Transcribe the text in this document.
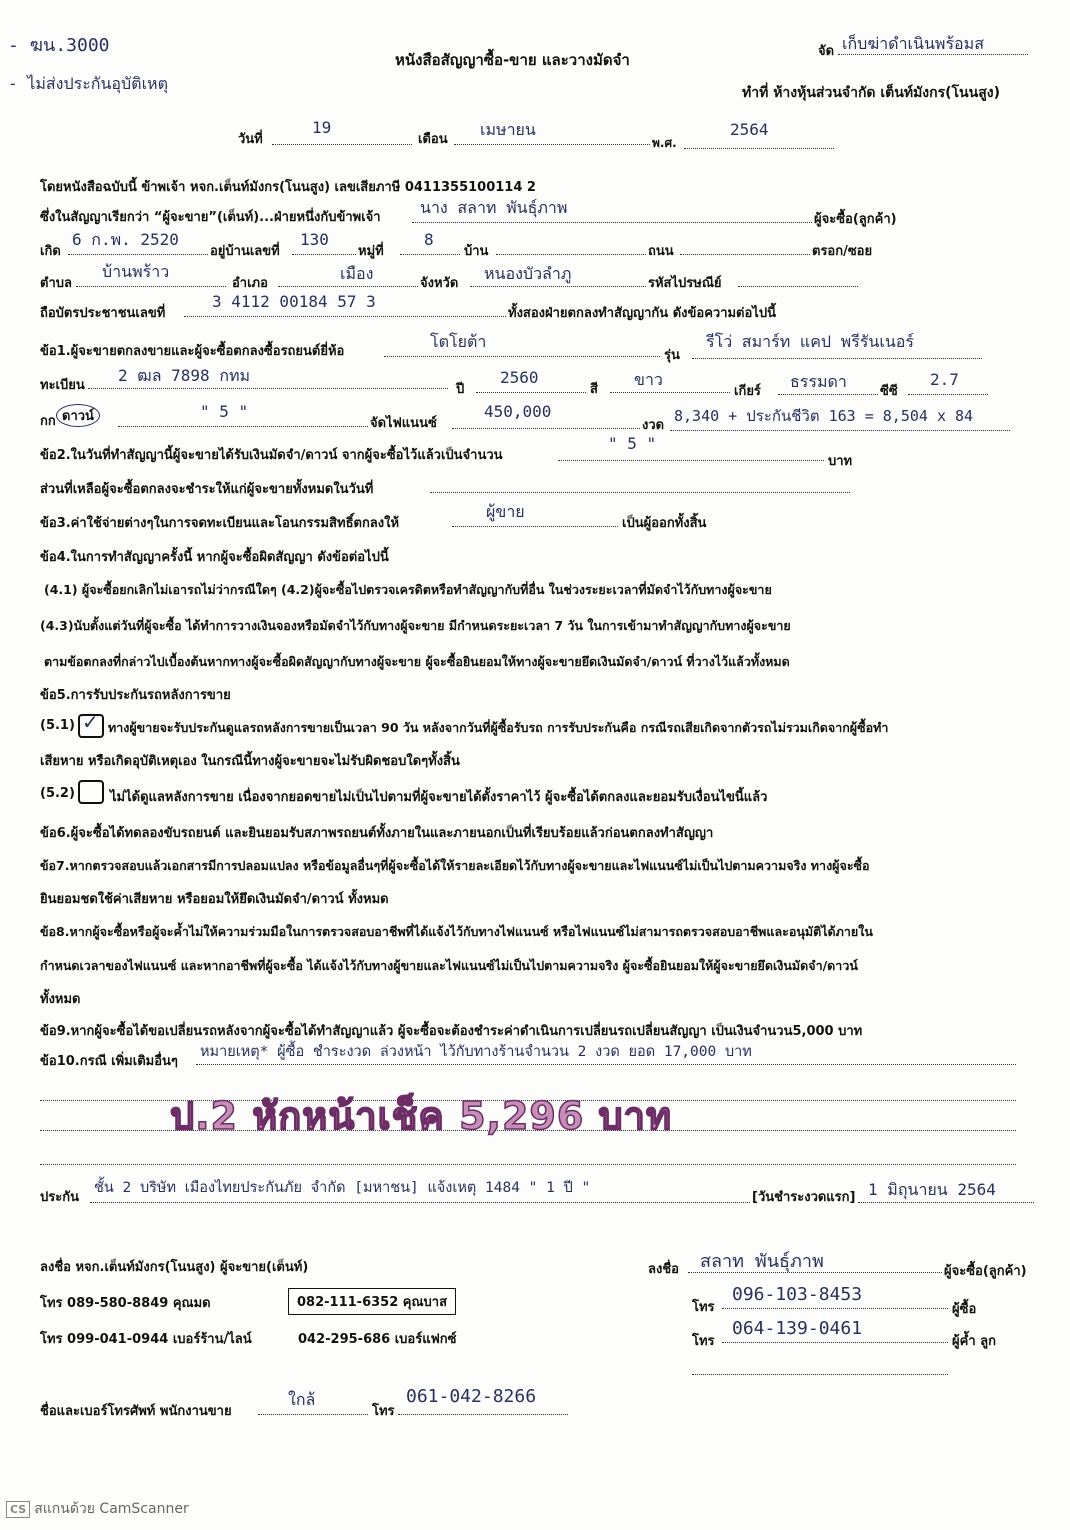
- ฆน.3000
- ไม่ส่งประกันอุบัติเหตุ
หนังสือสัญญาซื้อ-ขาย และวางมัดจำ	จัด เก็บฆ่าดำเนินพร้อมส
ทำที่ ห้างหุ้นส่วนจำกัด เต็นท์มังกร(โนนสูง)
วันที่
19
เดือน
เมษายน
พ.ศ.
2564
โดยหนังสือฉบับนี้ ข้าพเจ้า หจก.เต็นท์มังกร(โนนสูง) เลขเสียภาษี 0411355100114 2
ซึ่งในสัญญาเรียกว่า “ผู้จะขาย”(เต็นท์)...ฝ่ายหนึ่งกับข้าพเจ้า
นาง สลาท พันธุ์ภาพ
ผู้จะซื้อ(ลูกค้า)
เกิด
6 ก.พ. 2520
อยู่บ้านเลขที่
130
หมู่ที่
8
บ้าน	ถนน	ตรอก/ซอย
ตำบล
บ้านพร้าว
อำเภอ
เมือง
จังหวัด
หนองบัวลำภู
รหัสไปรษณีย์
ถือบัตรประชาชนเลขที่
3 4112 00184 57 3
ทั้งสองฝ่ายตกลงทำสัญญากัน ดังข้อความต่อไปนี้
ข้อ1.ผู้จะขายตกลงขายและผู้จะซื้อตกลงซื้อรถยนต์ยี่ห้อ
โตโยต้า
รุ่น
รีโว่ สมาร์ท แคป พรีรันเนอร์
ทะเบียน
2 ฒล 7898 กทม
ปี
2560
สี
ขาว
เกียร์
ธรรมดา
ซีซี
2.7
กก ดาวน์	" 5 "
จัดไฟแนนซ์
450,000
งวด
8,340 + ประกันชีวิต 163 = 8,504 x 84
ข้อ2.ในวันที่ทำสัญญานี้ผู้จะขายได้รับเงินมัดจำ/ดาวน์ จากผู้จะซื้อไว้แล้วเป็นจำนวน
" 5 "
บาท
ส่วนที่เหลือผู้จะซื้อตกลงจะชำระให้แก่ผู้จะขายทั้งหมดในวันที่
ข้อ3.ค่าใช้จ่ายต่างๆในการจดทะเบียนและโอนกรรมสิทธิ์ตกลงให้
ผู้ขาย
เป็นผู้ออกทั้งสิ้น
ข้อ4.ในการทำสัญญาครั้งนี้ หากผู้จะซื้อผิดสัญญา ดังข้อต่อไปนี้
(4.1) ผู้จะซื้อยกเลิกไม่เอารถไม่ว่ากรณีใดๆ (4.2)ผู้จะซื้อไปตรวจเครดิตหรือทำสัญญากับที่อื่น ในช่วงระยะเวลาที่มัดจำไว้กับทางผู้จะขาย
(4.3)นับตั้งแต่วันที่ผู้จะซื้อ ได้ทำการวางเงินจองหรือมัดจำไว้กับทางผู้จะขาย มีกำหนดระยะเวลา 7 วัน ในการเข้ามาทำสัญญากับทางผู้จะขาย
ตามข้อตกลงที่กล่าวไปเบื้องต้นหากทางผู้จะซื้อผิดสัญญากับทางผู้จะขาย ผู้จะซื้อยินยอมให้ทางผู้จะขายยึดเงินมัดจำ/ดาวน์ ที่วางไว้แล้วทั้งหมด
ข้อ5.การรับประกันรถหลังการขาย
(5.1) ✓ ทางผู้ขายจะรับประกันดูแลรถหลังการขายเป็นเวลา 90 วัน หลังจากวันที่ผู้ซื้อรับรถ การรับประกันคือ กรณีรถเสียเกิดจากตัวรถไม่รวมเกิดจากผู้ซื้อทำ
เสียหาย หรือเกิดอุบัติเหตุเอง ในกรณีนี้ทางผู้จะขายจะไม่รับผิดชอบใดๆทั้งสิ้น
(5.2)	ไม่ได้ดูแลหลังการขาย เนื่องจากยอดขายไม่เป็นไปตามที่ผู้จะขายได้ตั้งราคาไว้ ผู้จะซื้อได้ตกลงและยอมรับเงื่อนไขนี้แล้ว
ข้อ6.ผู้จะซื้อได้ทดลองขับรถยนต์ และยินยอมรับสภาพรถยนต์ทั้งภายในและภายนอกเป็นที่เรียบร้อยแล้วก่อนตกลงทำสัญญา
ข้อ7.หากตรวจสอบแล้วเอกสารมีการปลอมแปลง หรือข้อมูลอื่นๆที่ผู้จะซื้อได้ให้รายละเอียดไว้กับทางผู้จะขายและไฟแนนซ์ไม่เป็นไปตามความจริง ทางผู้จะซื้อ
ยินยอมชดใช้ค่าเสียหาย หรือยอมให้ยึดเงินมัดจำ/ดาวน์ ทั้งหมด
ข้อ8.หากผู้จะซื้อหรือผู้จะค้ำไม่ให้ความร่วมมือในการตรวจสอบอาชีพที่ได้แจ้งไว้กับทางไฟแนนซ์ หรือไฟแนนซ์ไม่สามารถตรวจสอบอาชีพและอนุมัติได้ภายใน
กำหนดเวลาของไฟแนนซ์ และหากอาชีพที่ผู้จะซื้อ ได้แจ้งไว้กับทางผู้ขายและไฟแนนซ์ไม่เป็นไปตามความจริง ผู้จะซื้อยินยอมให้ผู้จะขายยึดเงินมัดจำ/ดาวน์
ทั้งหมด
ข้อ9.หากผู้จะซื้อได้ขอเปลี่ยนรถหลังจากผู้จะซื้อได้ทำสัญญาแล้ว ผู้จะซื้อจะต้องชำระค่าดำเนินการเปลี่ยนรถเปลี่ยนสัญญา เป็นเงินจำนวน5,000 บาท
ข้อ10.กรณี เพิ่มเติมอื่นๆ
หมายเหตุ* ผู้ซื้อ ชำระงวด ล่วงหน้า ไว้กับทางร้านจำนวน 2 งวด ยอด 17,000 บาท
ป.2 หักหน้าเช็ค 5,296 บาท
ประกัน
ชั้น 2 บริษัท เมืองไทยประกันภัย จำกัด [มหาชน] แจ้งเหตุ 1484 " 1 ปี "
[วันชำระงวดแรก] 1 มิถุนายน 2564
ลงชื่อ หจก.เต็นท์มังกร(โนนสูง) ผู้จะขาย(เต็นท์)
โทร 089-580-8849 คุณมด	082-111-6352 คุณบาส
โทร 099-041-0944 เบอร์ร้าน/ไลน์	042-295-686 เบอร์แฟกซ์
ลงชื่อ สลาท พันธุ์ภาพ	ผู้จะซื้อ(ลูกค้า)
โทร
096-103-8453
ผู้ซื้อ
โทร
064-139-0461
ผู้ค้ำ ลูก
ชื่อและเบอร์โทรศัพท์ พนักงานขาย
ใกล้
โทร
061-042-8266
CS สแกนด้วย CamScanner
